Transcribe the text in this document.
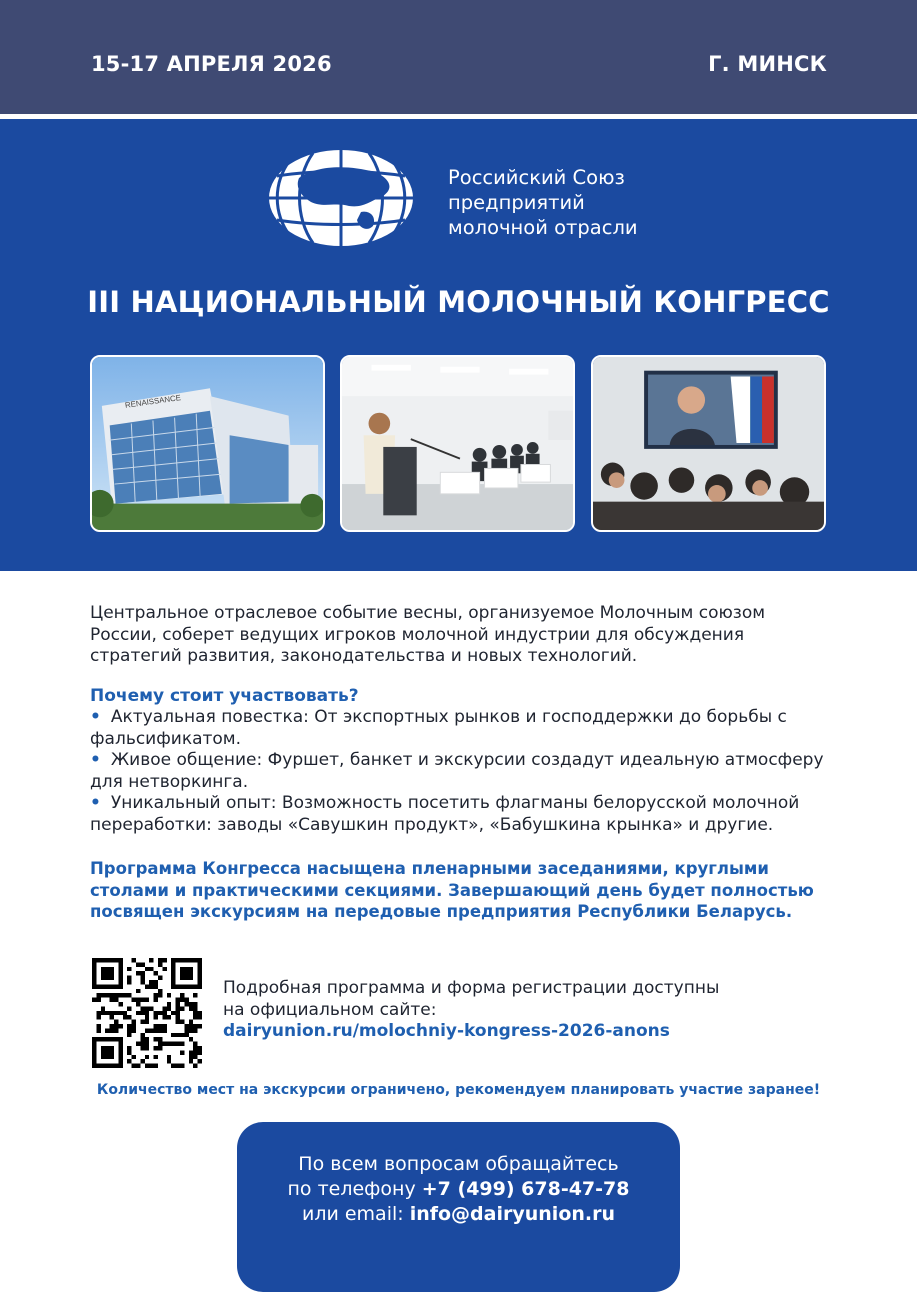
15-17 АПРЕЛЯ 2026	Г. МИНСК
Российский Союз
предприятий
молочной отрасли
III НАЦИОНАЛЬНЫЙ МОЛОЧНЫЙ КОНГРЕСС
RENAISSANCE

Центральное отраслевое событие весны, организуемое Молочным союзом России, соберет ведущих игроков молочной индустрии для обсуждения стратегий развития, законодательства и новых технологий.

Почему стоит участвовать?
• Актуальная повестка: От экспортных рынков и господдержки до борьбы с фальсификатом.
• Живое общение: Фуршет, банкет и экскурсии создадут идеальную атмосферу для нетворкинга.
• Уникальный опыт: Возможность посетить флагманы белорусской молочной переработки: заводы «Савушкин продукт», «Бабушкина крынка» и другие.
Программа Конгресса насыщена пленарными заседаниями, круглыми столами и практическими секциями. Завершающий день будет полностью посвящен экскурсиям на передовые предприятия Республики Беларусь.
Подробная программа и форма регистрации доступны
на официальном сайте:
dairyunion.ru/molochniy-kongress-2026-anons
Количество мест на экскурсии ограничено, рекомендуем планировать участие заранее!
По всем вопросам обращайтесь
по телефону +7 (499) 678-47-78
или email: info@dairyunion.ru
